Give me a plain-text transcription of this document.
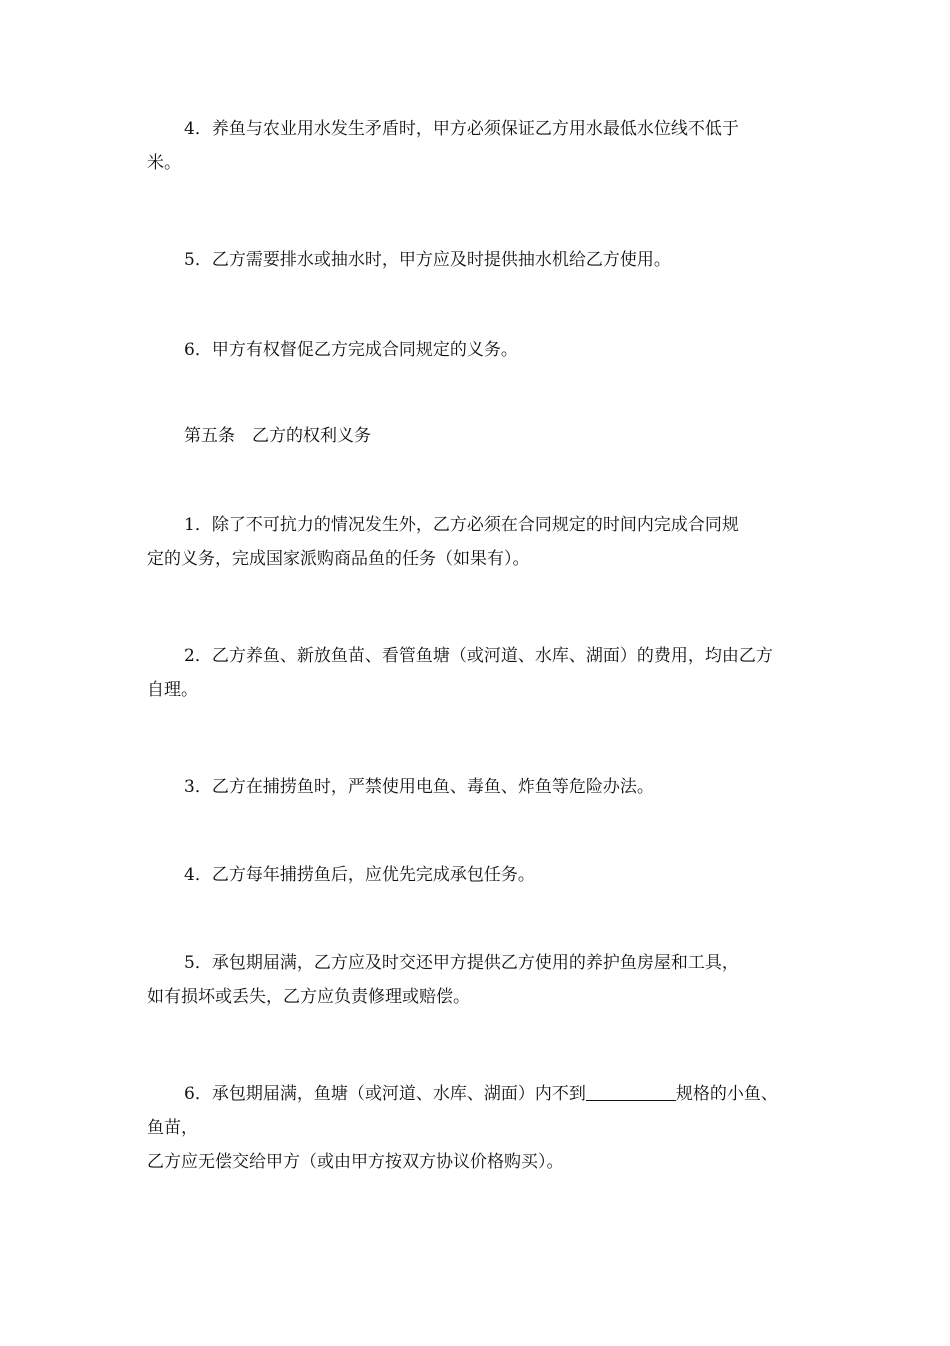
4．养鱼与农业用水发生矛盾时，甲方必须保证乙方用水最低水位线不低于
米。
5．乙方需要排水或抽水时，甲方应及时提供抽水机给乙方使用。
6．甲方有权督促乙方完成合同规定的义务。
第五条　乙方的权利义务
1．除了不可抗力的情况发生外，乙方必须在合同规定的时间内完成合同规
定的义务，完成国家派购商品鱼的任务（如果有）。
2．乙方养鱼、新放鱼苗、看管鱼塘（或河道、水库、湖面）的费用，均由乙方
自理。
3．乙方在捕捞鱼时，严禁使用电鱼、毒鱼、炸鱼等危险办法。
4．乙方每年捕捞鱼后，应优先完成承包任务。
5．承包期届满，乙方应及时交还甲方提供乙方使用的养护鱼房屋和工具，
如有损坏或丢失，乙方应负责修理或赔偿。
6．承包期届满，鱼塘（或河道、水库、湖面）内不到	规格的小鱼、
鱼苗，
乙方应无偿交给甲方（或由甲方按双方协议价格购买）。
